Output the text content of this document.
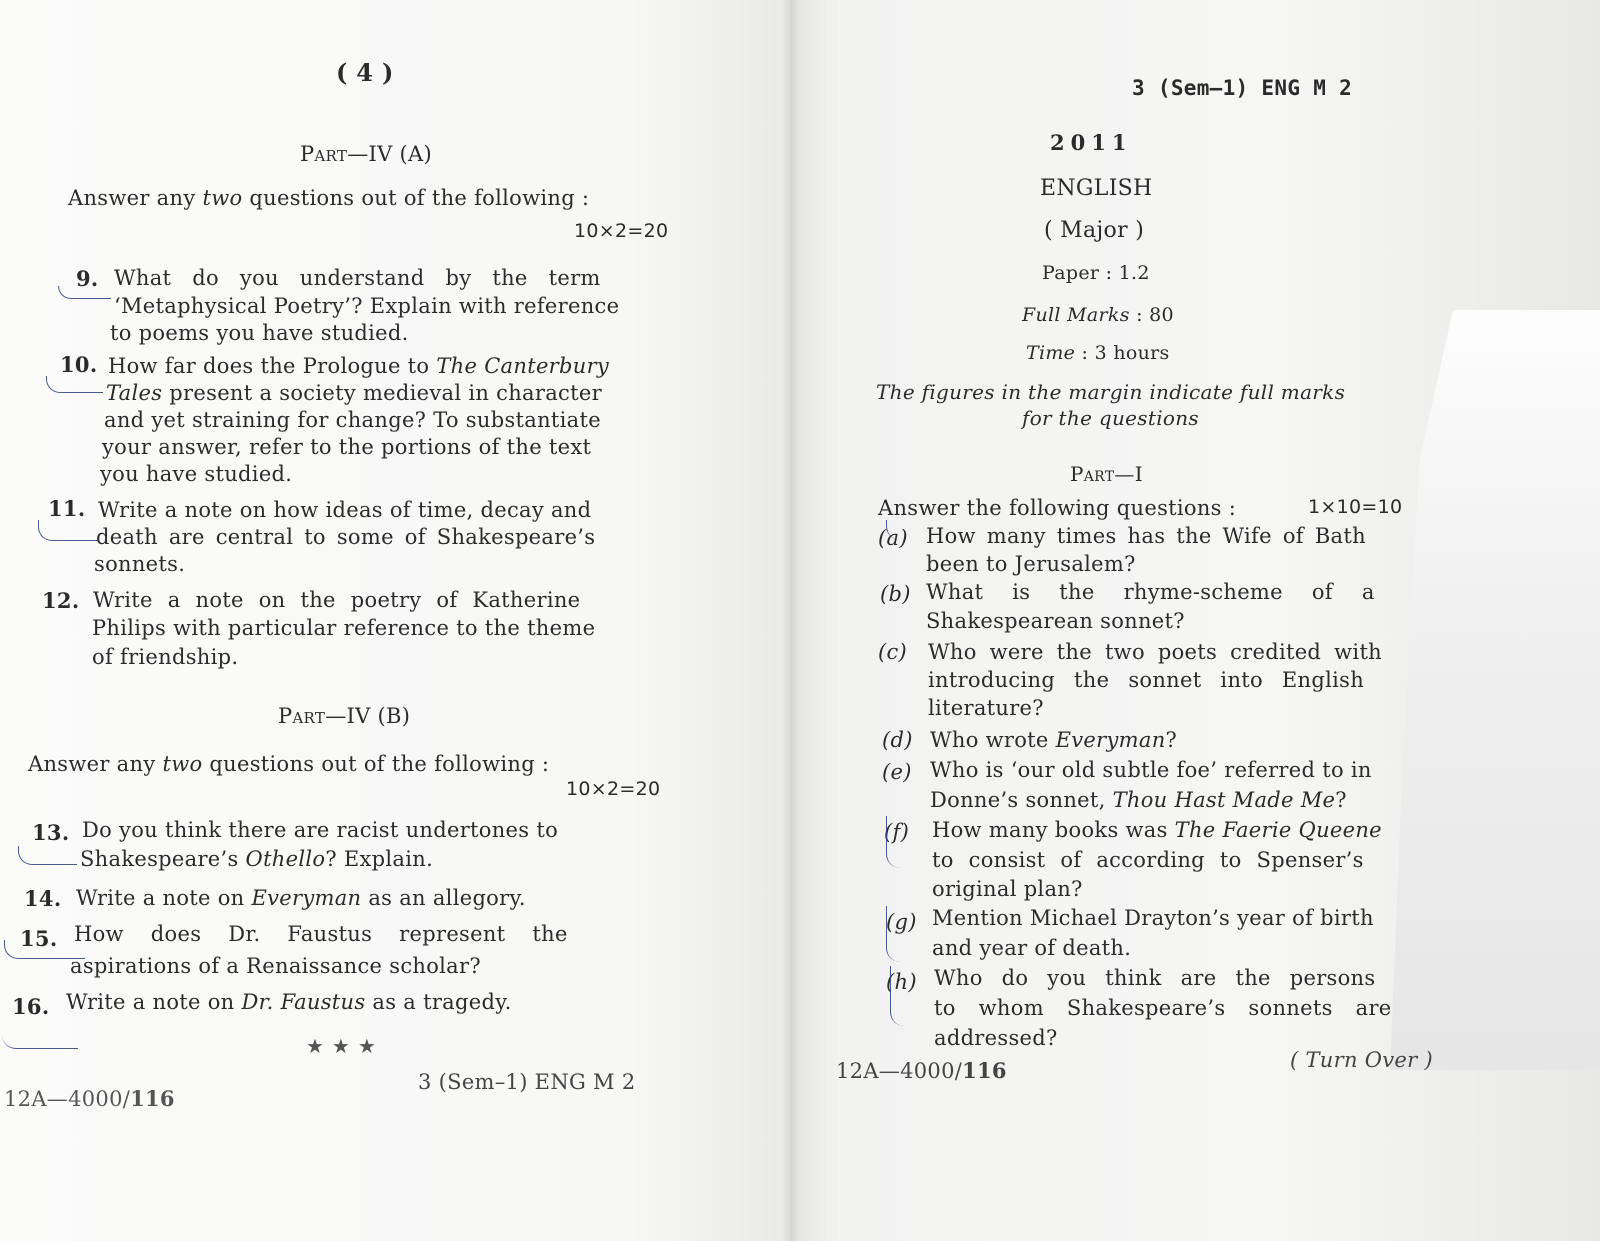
( 4 )
Part—IV (A)
Answer any two questions out of the following :
10×2=20
9. What do you understand by the term
‘Metaphysical Poetry’? Explain with reference
to poems you have studied.
10. How far does the Prologue to The Canterbury
Tales present a society medieval in character
and yet straining for change? To substantiate
your answer, refer to the portions of the text
you have studied.
11. Write a note on how ideas of time, decay and
death are central to some of Shakespeare’s
sonnets.
12. Write a note on the poetry of Katherine
Philips with particular reference to the theme
of friendship.
Part—IV (B)
Answer any two questions out of the following :
10×2=20
13. Do you think there are racist undertones to
Shakespeare’s Othello? Explain.
14. Write a note on Everyman as an allegory.
15. How does Dr. Faustus represent the
aspirations of a Renaissance scholar?
16. Write a note on Dr. Faustus as a tragedy.
★★★
12A—4000/116
3 (Sem–1) ENG M 2
3 (Sem–1) ENG M 2
2011
ENGLISH
( Major )
Paper : 1.2
Full Marks : 80
Time : 3 hours
The figures in the margin indicate full marks
for the questions
Part—I
Answer the following questions :	1×10=10
(a) How many times has the Wife of Bath
been to Jerusalem?
(b) What is the rhyme-scheme of a
Shakespearean sonnet?
(c) Who were the two poets credited with
introducing the sonnet into English
literature?
(d) Who wrote Everyman?
(e) Who is ‘our old subtle foe’ referred to in
Donne’s sonnet, Thou Hast Made Me?
(f) How many books was The Faerie Queene
to consist of according to Spenser’s
original plan?
(g) Mention Michael Drayton’s year of birth
and year of death.
(h) Who do you think are the persons
to whom Shakespeare’s sonnets are
addressed?
12A—4000/116	( Turn Over )
